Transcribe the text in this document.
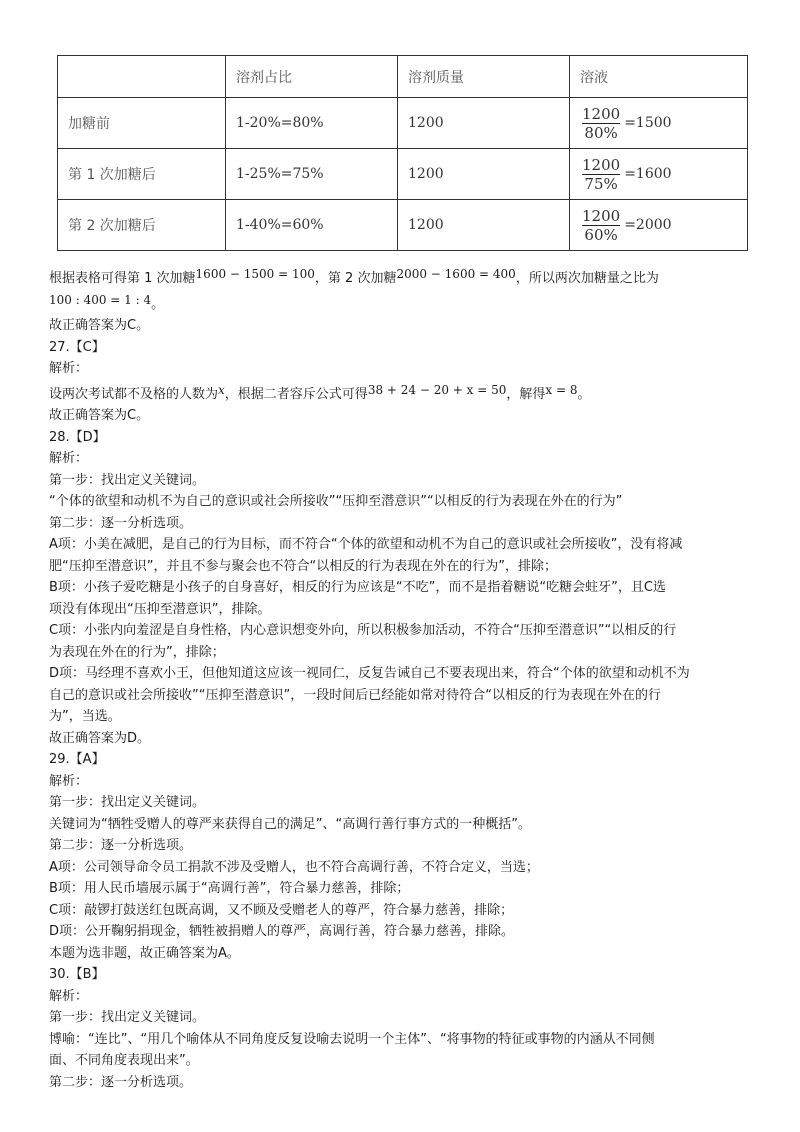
	溶剂占比	溶剂质量	溶液
加糖前	1-20%=80%	1200	$\frac{1200}{80\%} =1500$

第 1 次加糖后	1-25%=75%	1200	$\frac{1200}{75\%} =1600$

第 2 次加糖后	1-40%=60%	1200	$\frac{1200}{60\%} =2000$
根据表格可得第 1 次加糖1600 − 1500 = 100，第 2 次加糖2000 − 1600 = 400，所以两次加糖量之比为
100 : 400 = 1 : 4。
故正确答案为C。
27.【C】
解析：
设两次考试都不及格的人数为x，根据二者容斥公式可得38 + 24 − 20 + x = 50，解得x = 8。
故正确答案为C。
28.【D】
解析：
第一步：找出定义关键词。
“个体的欲望和动机不为自己的意识或社会所接收”“压抑至潜意识”“以相反的行为表现在外在的行为”
第二步：逐一分析选项。
A项：小美在减肥，是自己的行为目标，而不符合“个体的欲望和动机不为自己的意识或社会所接收”，没有将减
肥“压抑至潜意识”，并且不参与聚会也不符合“以相反的行为表现在外在的行为”，排除；
B项：小孩子爱吃糖是小孩子的自身喜好，相反的行为应该是“不吃”，而不是指着糖说“吃糖会蛀牙”，且C选
项没有体现出“压抑至潜意识”，排除。
C项：小张内向羞涩是自身性格，内心意识想变外向，所以积极参加活动，不符合“压抑至潜意识”“以相反的行
为表现在外在的行为”，排除；
D项：马经理不喜欢小王，但他知道这应该一视同仁，反复告诫自己不要表现出来，符合“个体的欲望和动机不为
自己的意识或社会所接收”“压抑至潜意识”，一段时间后已经能如常对待符合“以相反的行为表现在外在的行
为”，当选。
故正确答案为D。
29.【A】
解析：
第一步：找出定义关键词。
关键词为“牺牲受赠人的尊严来获得自己的满足”、“高调行善行事方式的一种概括”。
第二步：逐一分析选项。
A项：公司领导命令员工捐款不涉及受赠人，也不符合高调行善，不符合定义，当选；
B项：用人民币墙展示属于“高调行善”，符合暴力慈善，排除；
C项：敲锣打鼓送红包既高调，又不顾及受赠老人的尊严，符合暴力慈善，排除；
D项：公开鞠躬捐现金，牺牲被捐赠人的尊严，高调行善，符合暴力慈善，排除。
本题为选非题，故正确答案为A。
30.【B】
解析：
第一步：找出定义关键词。
博喻：“连比”、“用几个喻体从不同角度反复设喻去说明一个主体”、“将事物的特征或事物的内涵从不同侧
面、不同角度表现出来”。
第二步：逐一分析选项。
